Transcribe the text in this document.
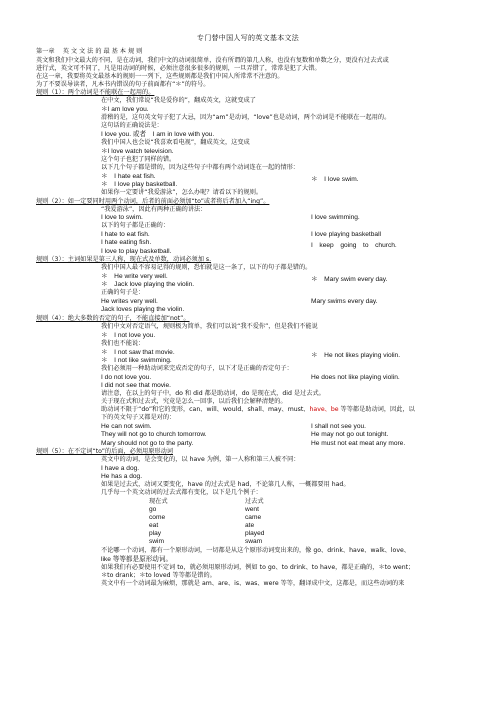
专门替中国人写的英文基本文法
第一章　 英 文 文 法 的 最 基 本 规 则
英文和我们中文最大的不同，是在动词，我们中文的动词很简单，没有所谓的第几人称，也没有复数和单数之分，更没有过去式或
进行式，英文可不同了，凡是用动词的时候，必须注意很多很多的规则，一旦弄错了，常常是犯了大错。
在这一章，我要将英文最基本的规则一一列下，这些规则都是我们中国人所常常不注意的。
为了不要误导读者，凡本书内错误的句子前面都有“＊”的符号。
规则（1）：两个动词是不能联在一起用的。
在中文，我们常说“我是爱你的”，翻成英文，这就变成了
＊I am love you.
滑稽的是，这句英文句子犯了大忌，因为“am”是动词，“love”也是动词，两个动词是不能联在一起用的。
这句话的正确说法是：
I love you. 或者　I am in love with you.
我们中国人也会说“我喜欢看电视”，翻成英文，这变成
＊I love watch television.
这个句子也犯了同样的错。
以下几个句子都是错的，因为这些句子中都有两个动词连在一起的情形：
＊　I hate eat fish.	＊　I love swim.
＊　I love play basketball.
如果你一定要讲“我爱游泳”，怎么办呢？请看以下的规则。
规则（2）：如一定要同时用两个动词，后者的前面必须加“to”或者将后者加入“ing”。
“我爱游泳”，因此有两种正确的讲法：
I love to swim.	I love swimming.
以下的句子都是正确的：
I hate to eat fish.	I love playing basketball
I hate eating fish.	I　keep　going　to　church.
I love to play basketball.
规则（3）：主词如果是第三人称，现在式及单数，动词必须加 s.
我们中国人最不容易记得的规则，恐怕就是这一条了，以下的句子都是错的。
＊　He write very well.	＊　Mary swim every day.
＊　Jack love playing the violin.
正确的句子是：
He writes very well.	Mary swims every day.
Jack loves playing the violin.
规则（4）：绝大多数的否定的句子，不能直接加“not”。
我们中文对否定语气，规则极为简单，我们可以说“我不爱你”，但是我们不能说
＊　I not love you.
我们也不能说：
＊　I not saw that movie.	＊　He not likes playing violin.
＊　I not like swimming.
我们必须用一种助动词来完成否定的句子，以下才是正确的否定句子：
I do not love you.	He does not like playing violin.
I did not see that movie.
请注意，在以上的句子中，do 和 did 都是助动词，do 是现在式，did 是过去式。
关于现在式和过去式，究竟是怎么一回事，以后我们会解释清楚的。
助动词不限于“do”和它的变形，can、will、would、shall、may、must、have、be 等等都是助动词，因此，以
下的英文句子又都是对的：
He can not swim.	I shall not see you.
They will not go to church tomorrow.	He may not go out tonight.
Mary should not go to the party.	He must not eat meat any more.
规则（5）：在不定词“to”的后面，必须用原形动词
英文中的动词，是会变化的，以 have 为例，第一人称和第三人被不同：
I have a dog.
He has a dog.
如果是过去式，动词又要变化，have 的过去式是 had，不论第几人称，一概都要用 had。
几乎每一个英文动词的过去式都有变化，以下是几个例子：
现在式	过去式
go	went
come	came
eat	ate
play	played
swim	swam
不论哪一个动词，都有一个原形动词，一切都是从这个原形动词变出来的，像 go、drink、have、walk、love、
like 等等都是原形动词。
如果我们有必要使用不定词 to，就必须用原形动词，例如 to go、to drink、to have，都是正确的，＊to went；
＊to drank；＊to loved 等等都是错的。
英文中有一个动词最为麻烦，那就是 am、are、is、was、were 等等，翻译成中文，这都是，而这些动词的来
